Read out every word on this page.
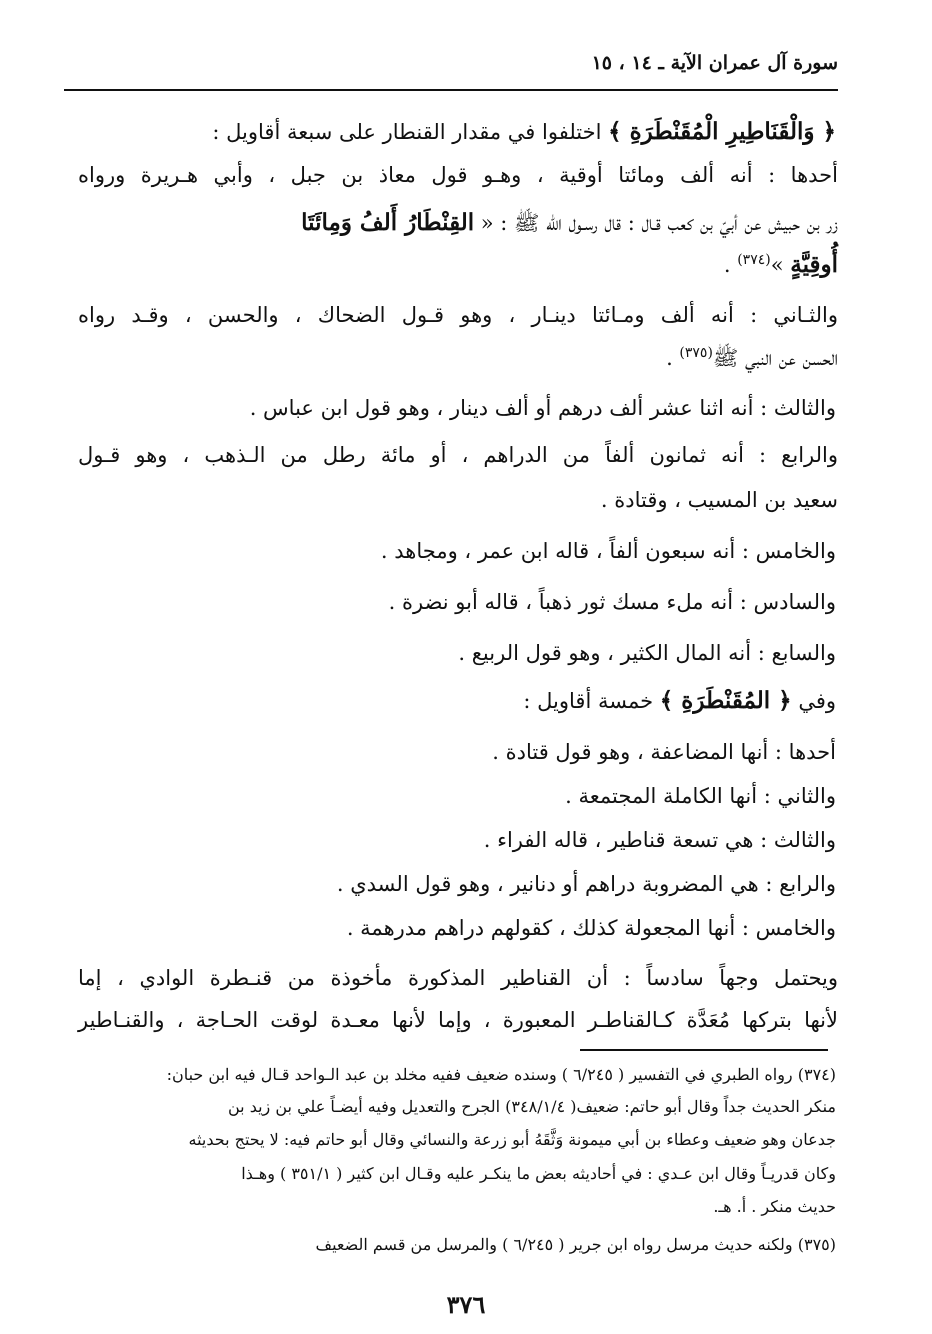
سورة آل عمران الآية ـ ١٤ ، ١٥
﴿ وَالْقَنَاطِيرِ الْمُقَنْطَرَةِ ﴾ اختلفوا في مقدار القنطار على سبعة أقاويل :
أحدها : أنه ألف ومائتا أوقية ، وهـو قول معاذ بن جبل ، وأبي هـريرة ورواه
زر بن حبيش عن أبيّ بن كعب قـال : قال رسـول الله ﷺ : « القِنْطَارُ أَلفُ وَمِائَتَا
أُوقِيَّةٍ »$^{(٣٧٤)}$ .
والثـاني : أنه ألف ومـائتا دينـار ، وهو قـول الضحاك ، والحسن ، وقـد رواه
الحسن عن النبي ﷺ$^{(٣٧٥)}$ .
والثالث : أنه اثنا عشر ألف درهم أو ألف دينار ، وهو قول ابن عباس .
والرابع : أنه ثمانون ألفاً من الدراهم ، أو مائة رطل من الـذهب ، وهو قـول
سعيد بن المسيب ، وقتادة .
والخامس : أنه سبعون ألفاً ، قاله ابن عمر ، ومجاهد .
والسادس : أنه ملء مسك ثور ذهباً ، قاله أبو نضرة .
والسابع : أنه المال الكثير ، وهو قول الربيع .
وفي ﴿ المُقَنْطَرَةِ ﴾ خمسة أقاويل :
أحدها : أنها المضاعفة ، وهو قول قتادة .
والثاني : أنها الكاملة المجتمعة .
والثالث : هي تسعة قناطير ، قاله الفراء .
والرابع : هي المضروبة دراهم أو دنانير ، وهو قول السدي .
والخامس : أنها المجعولة كذلك ، كقولهم دراهم مدرهمة .
ويحتمل وجهاً سادساً : أن القناطير المذكورة مأخوذة من قنـطرة الوادي ، إما
لأنها بتركها مُعَدَّة كـالقناطـر المعبورة ، وإما لأنها معـدة لوقت الحـاجة ، والقنـاطير
(٣٧٤) رواه الطبري في التفسير ( ٦/٢٤٥ ) وسنده ضعيف ففيه مخلد بن عبد الـواحد قـال فيه ابن حبان:
منكر الحديث جداً وقال أبو حاتم: ضعيف( ٣٤٨/١/٤) الجرح والتعديل وفيه أيضـاً علي بن زيد بن
جدعان وهو ضعيف وعطاء بن أبي ميمونة وَثَّقَهُ أبو زرعة والنسائي وقال أبو حاتم فيه: لا يحتج بحديثه
وكان قدريـاً وقال ابن عـدي : في أحاديثه بعض ما ينكـر عليه وقـال ابن كثير ( ٣٥١/١ ) وهـذا
حديث منكر . أ. هـ.
(٣٧٥) ولكنه حديث مرسل رواه ابن جرير ( ٦/٢٤٥ ) والمرسل من قسم الضعيف
٣٧٦
